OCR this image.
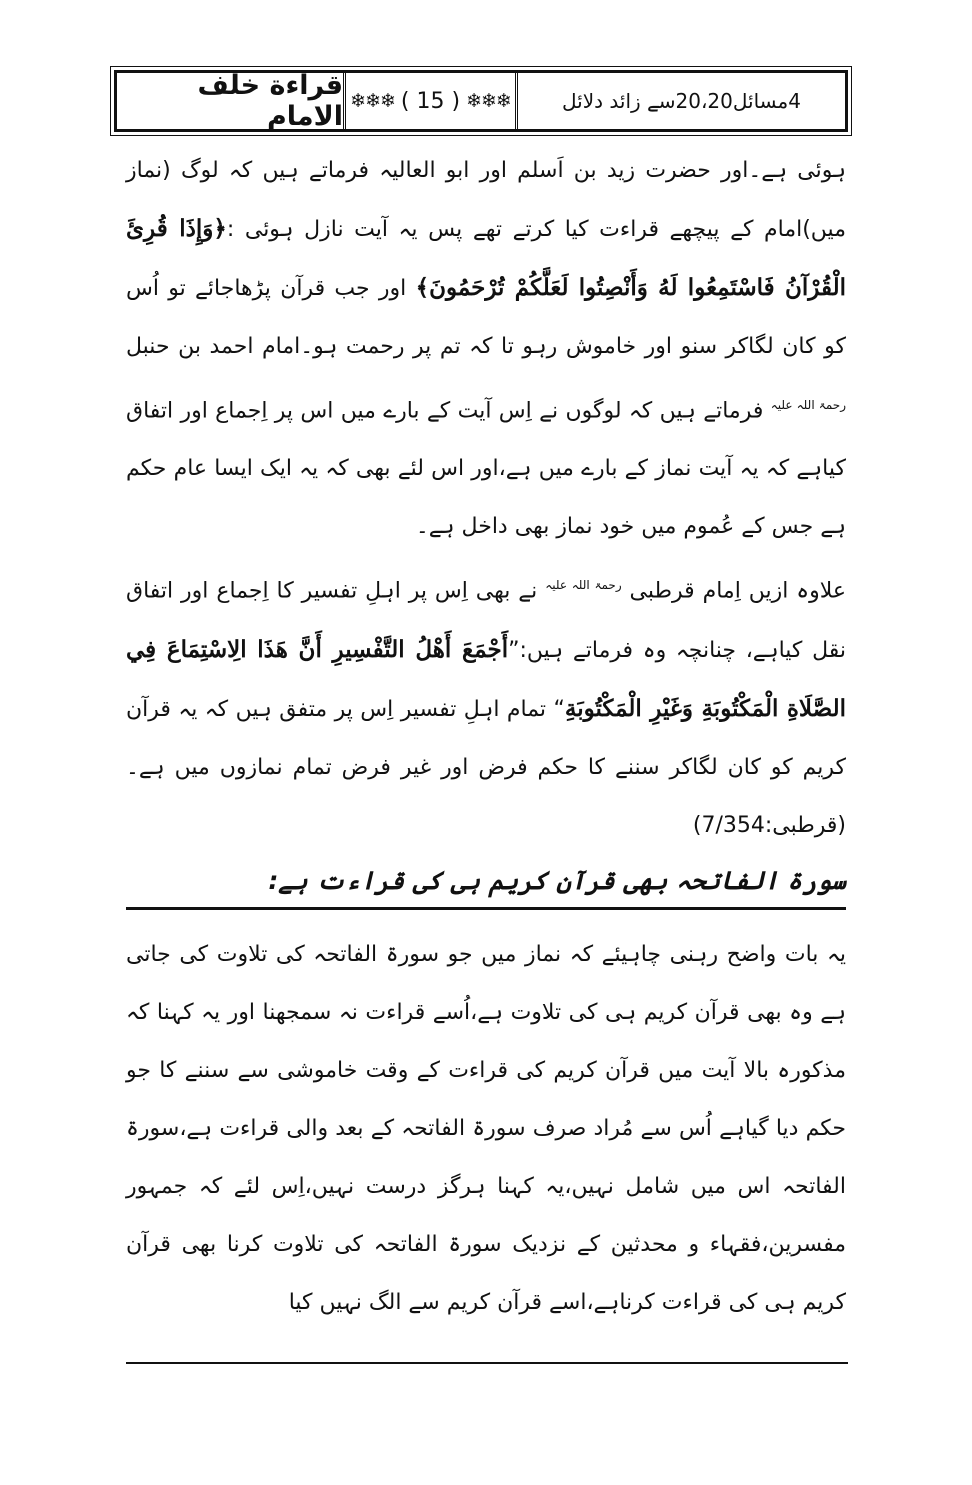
قراءة خلف الامام ❄❄❄ ( 15 ) ❄❄❄	4مسائل20،20سے زائد دلائل

ہوئی ہے۔اور حضرت زید بن اَسلم اور ابو العالیہ فرماتے ہیں کہ لوگ (نماز میں)امام کے پیچھے قراءت کیا کرتے تھے پس یہ آیت نازل ہوئی :﴿وَإِذَا قُرِئَ الْقُرْآنُ فَاسْتَمِعُوا لَهُ وَأَنْصِتُوا لَعَلَّكُمْ تُرْحَمُونَ﴾ اور جب قرآن پڑھاجائے تو اُس کو کان لگاکر سنو اور خاموش رہو تا کہ تم پر رحمت ہو۔امام احمد بن حنبل $^{رحمۃ اللہ علیہ}$ فرماتے ہیں کہ لوگوں نے اِس آیت کے بارے میں اس پر اِجماع اور اتفاق کیاہے کہ یہ آیت نماز کے بارے میں ہے،اور اس لئے بھی کہ یہ ایک ایسا عام حکم ہے جس کے عُموم میں خود نماز بھی داخل ہے۔

علاوہ ازیں اِمام قرطبی $^{رحمۃ اللہ علیہ}$ نے بھی اِس پر اہلِ تفسیر کا اِجماع اور اتفاق نقل کیاہے، چنانچہ وہ فرماتے ہیں:”أَجْمَعَ أَهْلُ التَّفْسِيرِ أَنَّ هَذَا الِاسْتِمَاعَ فِي الصَّلَاةِ الْمَكْتُوبَةِ وَغَيْرِ الْمَكْتُوبَةِ“ تمام اہلِ تفسیر اِس پر متفق ہیں کہ یہ قرآن کریم کو کان لگاکر سننے کا حکم فرض اور غیر فرض تمام نمازوں میں ہے۔(قرطبی:7/354)

سورۃ الفاتحہ بھی قرآن کریم ہی کی قراءت ہے:

یہ بات واضح رہنی چاہیئے کہ نماز میں جو سورۃ الفاتحہ کی تلاوت کی جاتی ہے وہ بھی قرآن کریم ہی کی تلاوت ہے،اُسے قراءت نہ سمجھنا اور یہ کہنا کہ مذکورہ بالا آیت میں قرآن کریم کی قراءت کے وقت خاموشی سے سننے کا جو حکم دیا گیاہے اُس سے مُراد صرف سورۃ الفاتحہ کے بعد والی قراءت ہے،سورۃ الفاتحہ اس میں شامل نہیں،یہ کہنا ہرگز درست نہیں،اِس لئے کہ جمہور مفسرین،فقہاء و محدثین کے نزدیک سورۃ الفاتحہ کی تلاوت کرنا بھی قرآن کریم ہی کی قراءت کرناہے،اسے قرآن کریم سے الگ نہیں کیا
